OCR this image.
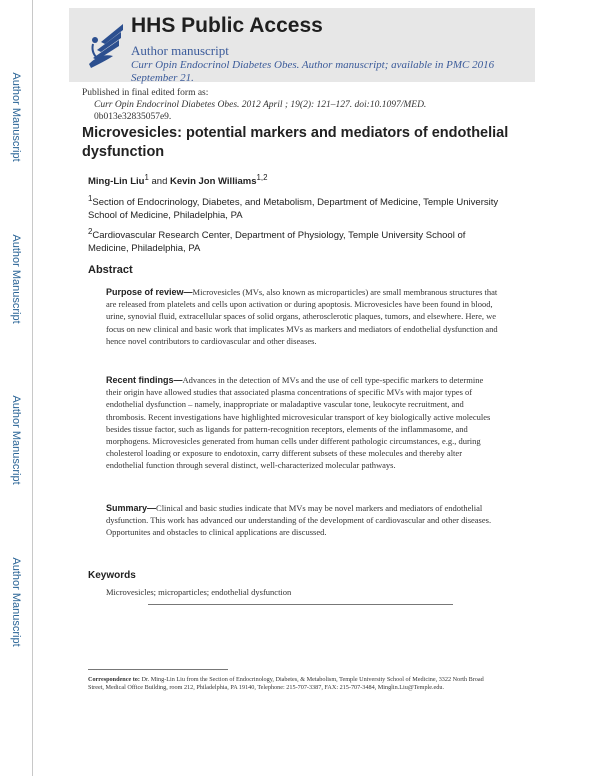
Author Manuscript
Author Manuscript
Author Manuscript
Author Manuscript
HHS Public Access
Author manuscript
Curr Opin Endocrinol Diabetes Obes. Author manuscript; available in PMC 2016 September 21.
Published in final edited form as:
Curr Opin Endocrinol Diabetes Obes. 2012 April ; 19(2): 121–127. doi:10.1097/MED.
0b013e32835057e9.
Microvesicles: potential markers and mediators of endothelial dysfunction
Ming-Lin Liu$^1$ and Kevin Jon Williams$^{1,2}$
$^1$Section of Endocrinology, Diabetes, and Metabolism, Department of Medicine, Temple University School of Medicine, Philadelphia, PA
$^2$Cardiovascular Research Center, Department of Physiology, Temple University School of Medicine, Philadelphia, PA
Abstract
Purpose of review—Microvesicles (MVs, also known as microparticles) are small membranous structures that are released from platelets and cells upon activation or during apoptosis. Microvesicles have been found in blood, urine, synovial fluid, extracellular spaces of solid organs, atherosclerotic plaques, tumors, and elsewhere. Here, we focus on new clinical and basic work that implicates MVs as markers and mediators of endothelial dysfunction and hence novel contributors to cardiovascular and other diseases.
Recent findings—Advances in the detection of MVs and the use of cell type-specific markers to determine their origin have allowed studies that associated plasma concentrations of specific MVs with major types of endothelial dysfunction – namely, inappropriate or maladaptive vascular tone, leukocyte recruitment, and thrombosis. Recent investigations have highlighted microvesicular transport of key biologically active molecules besides tissue factor, such as ligands for pattern-recognition receptors, elements of the inflammasome, and morphogens. Microvesicles generated from human cells under different pathologic circumstances, e.g., during cholesterol loading or exposure to endotoxin, carry different subsets of these molecules and thereby alter endothelial function through several distinct, well-characterized molecular pathways.
Summary—Clinical and basic studies indicate that MVs may be novel markers and mediators of endothelial dysfunction. This work has advanced our understanding of the development of cardiovascular and other diseases. Opportunites and obstacles to clinical applications are discussed.
Keywords
Microvesicles; microparticles; endothelial dysfunction
Correspondence to: Dr. Ming-Lin Liu from the Section of Endocrinology, Diabetes, & Metabolism, Temple University School of Medicine, 3322 North Broad Street, Medical Office Building, room 212, Philadelphia, PA 19140, Telephone: 215-707-3387, FAX: 215-707-3484, Minglin.Liu@Temple.edu.
